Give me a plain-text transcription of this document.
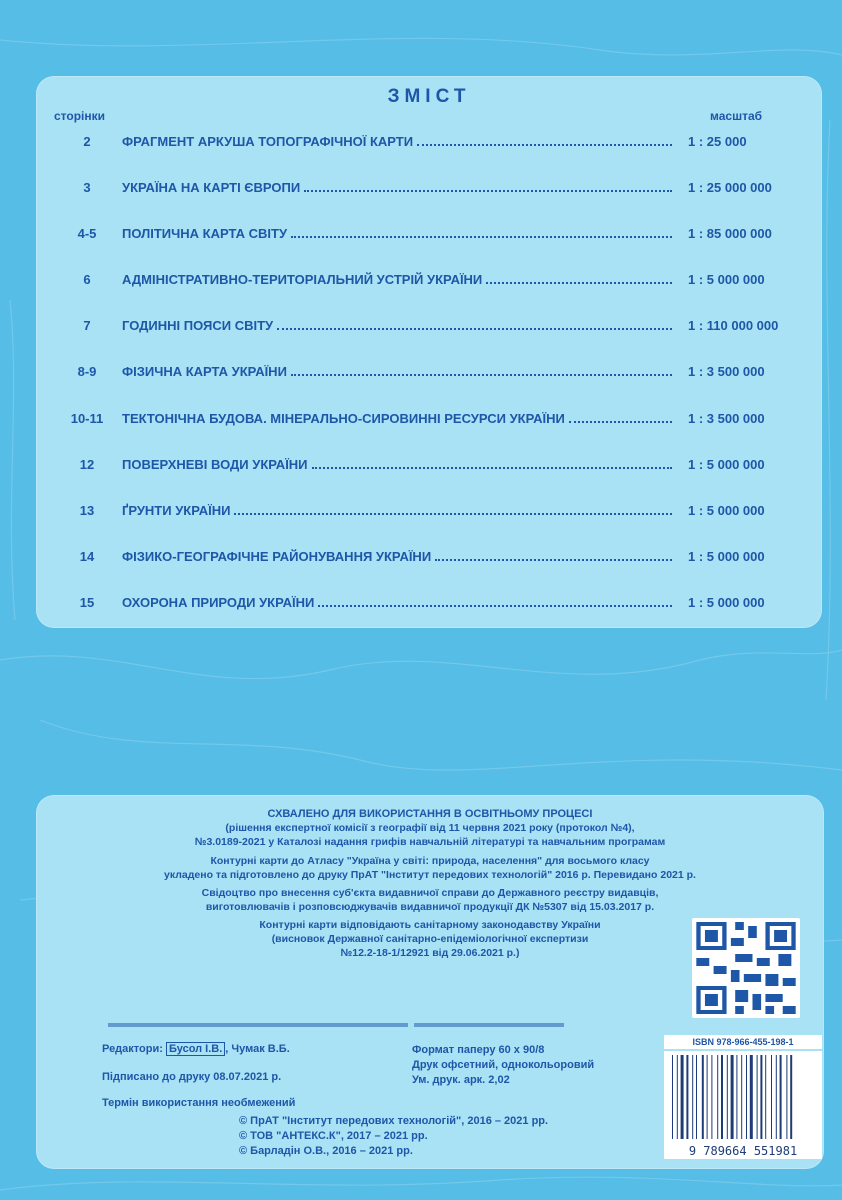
ЗМІСТ
сторінки	масштаб
2	ФРАГМЕНТ АРКУША ТОПОГРАФІЧНОЇ КАРТИ	1 : 25 000
3	УКРАЇНА НА КАРТІ ЄВРОПИ	1 : 25 000 000
4-5	ПОЛІТИЧНА КАРТА СВІТУ	1 : 85 000 000
6	АДМІНІСТРАТИВНО-ТЕРИТОРІАЛЬНИЙ УСТРІЙ УКРАЇНИ	1 : 5 000 000
7	ГОДИННІ ПОЯСИ СВІТУ	1 : 110 000 000
8-9	ФІЗИЧНА КАРТА УКРАЇНИ	1 : 3 500 000
10-11	ТЕКТОНІЧНА БУДОВА. МІНЕРАЛЬНО-СИРОВИННІ РЕСУРСИ УКРАЇНИ	1 : 3 500 000
12	ПОВЕРХНЕВІ ВОДИ УКРАЇНИ	1 : 5 000 000
13	ҐРУНТИ УКРАЇНИ	1 : 5 000 000
14	ФІЗИКО-ГЕОГРАФІЧНЕ РАЙОНУВАННЯ УКРАЇНИ	1 : 5 000 000
15	ОХОРОНА ПРИРОДИ УКРАЇНИ	1 : 5 000 000
СХВАЛЕНО ДЛЯ ВИКОРИСТАННЯ В ОСВІТНЬОМУ ПРОЦЕСІ
(рішення експертної комісії з географії від 11 червня 2021 року (протокол №4),
№3.0189-2021 у Каталозі надання грифів навчальній літературі та навчальним програмам
Контурні карти до Атласу "Україна у світі: природа, населення" для восьмого класу
укладено та підготовлено до друку ПрАТ "Інститут передових технологій" 2016 р. Перевидано 2021 р.
Свідоцтво про внесення суб'єкта видавничої справи до Державного реєстру видавців,
виготовлювачів і розповсюджувачів видавничої продукції ДК №5307 від 15.03.2017 р.
Контурні карти відповідають санітарному законодавству України
(висновок Державної санітарно-епідеміологічної експертизи
№12.2-18-1/12921 від 29.06.2021 р.)
Редактори: Бусол І.В. , Чумак В.Б.
Підписано до друку 08.07.2021 р.
Термін використання необмежений
Формат паперу 60 x 90/8
Друк офсетний, однокольоровий
Ум. друк. арк. 2,02
© ПрАТ "Інститут передових технологій", 2016 – 2021 рр.
© ТОВ "АНТЕКС.К", 2017 – 2021 рр.
© Барладін О.В., 2016 – 2021 рр.
ISBN 978-966-455-198-1
9 789664 551981
